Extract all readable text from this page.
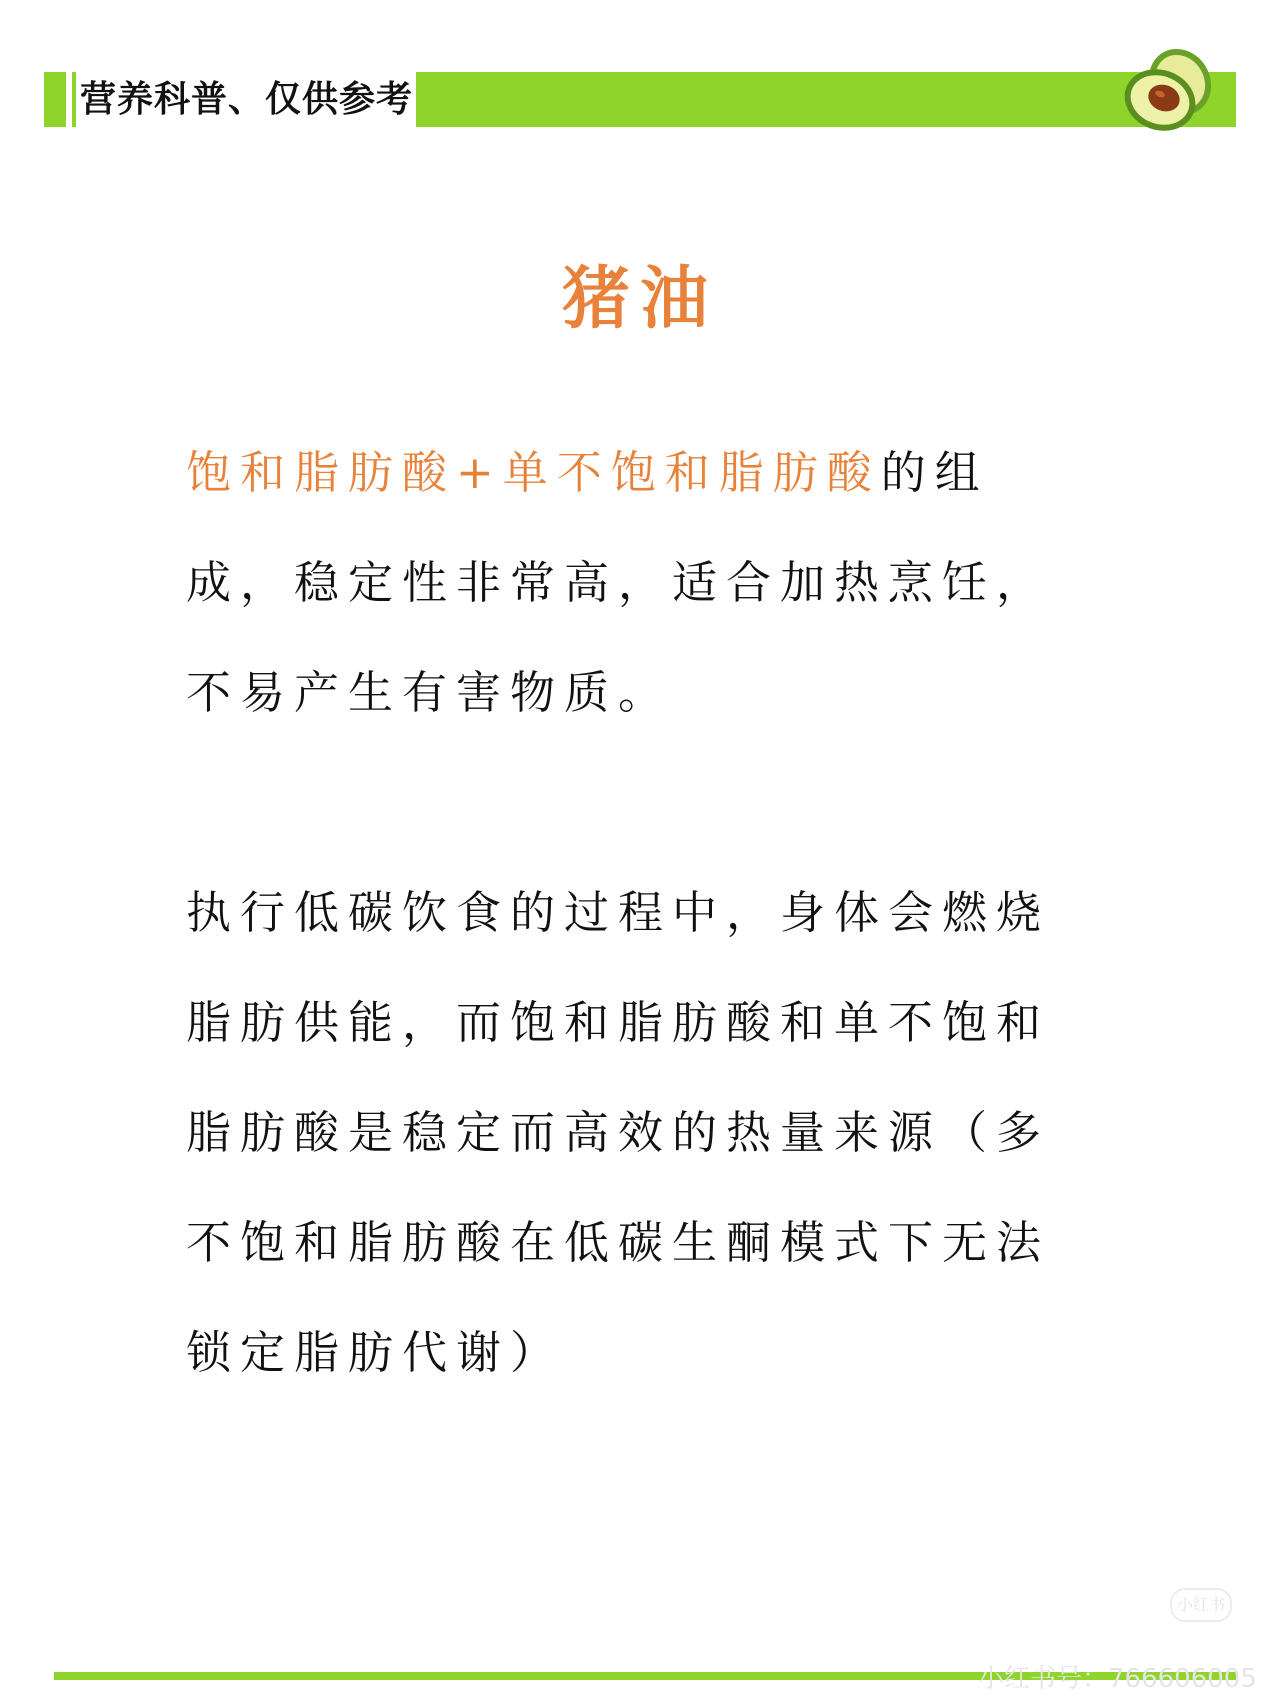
营养科普、仅供参考
猪油

饱和脂肪酸+单不饱和脂肪酸的组成，稳定性非常高，适合加热烹饪，不易产生有害物质。

执行低碳饮食的过程中，身体会燃烧脂肪供能，而饱和脂肪酸和单不饱和脂肪酸是稳定而高效的热量来源（多不饱和脂肪酸在低碳生酮模式下无法锁定脂肪代谢）

小红书
小红书号：766606005
